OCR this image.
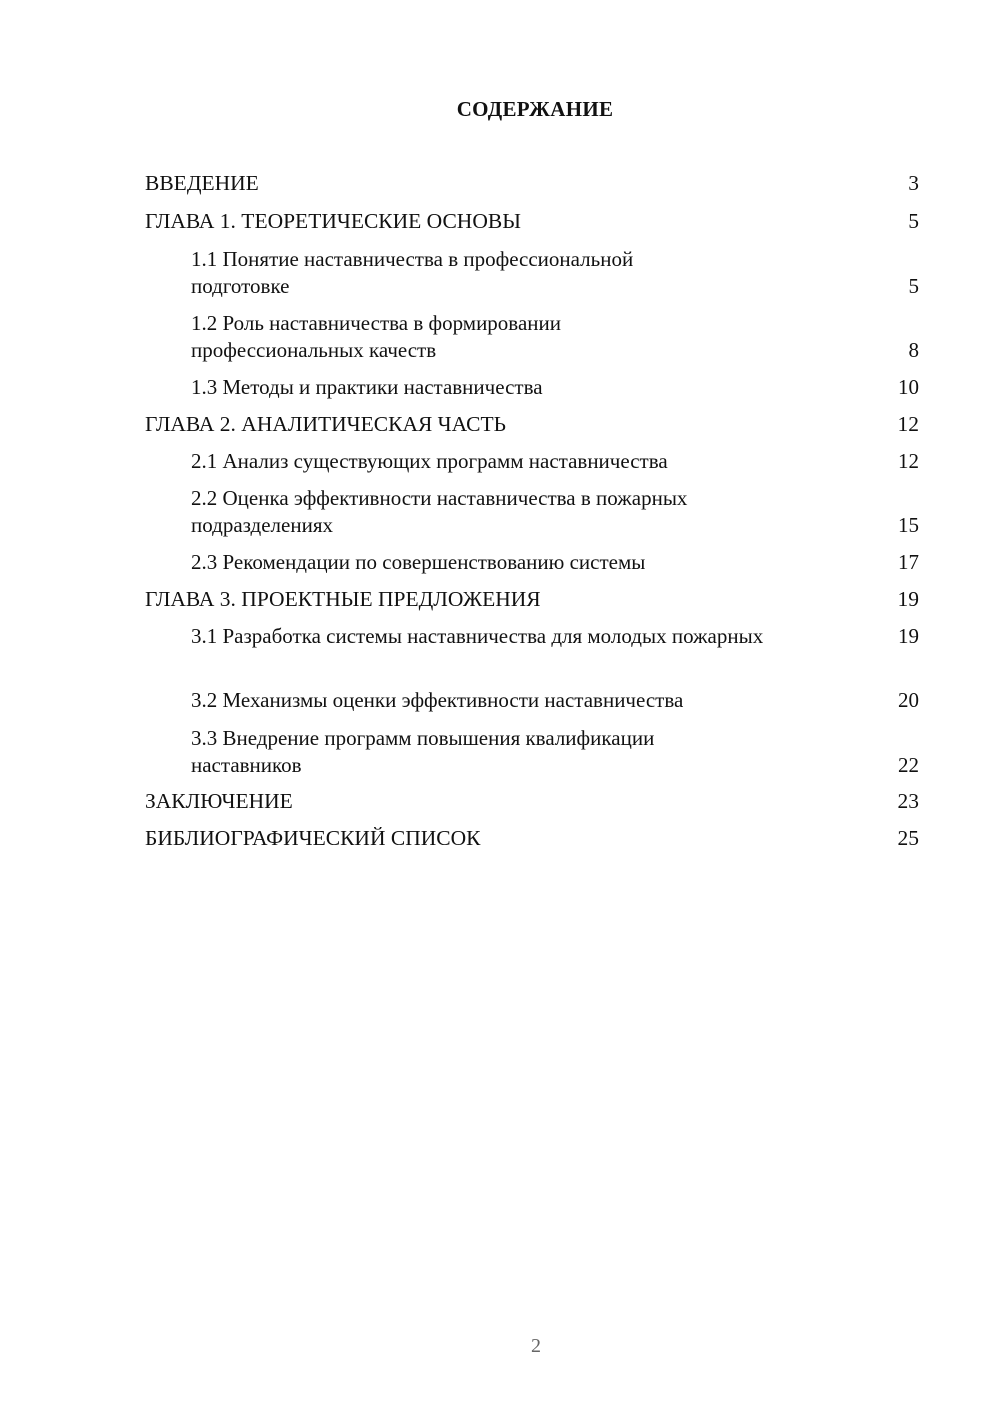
СОДЕРЖАНИЕ
ВВЕДЕНИЕ	3
ГЛАВА 1. ТЕОРЕТИЧЕСКИЕ ОСНОВЫ	5
1.1 Понятие наставничества в профессиональной подготовке	5
1.2 Роль наставничества в формировании профессиональных качеств	8
1.3 Методы и практики наставничества	10
ГЛАВА 2. АНАЛИТИЧЕСКАЯ ЧАСТЬ	12
2.1 Анализ существующих программ наставничества	12
2.2 Оценка эффективности наставничества в пожарных подразделениях	15
2.3 Рекомендации по совершенствованию системы	17
ГЛАВА 3. ПРОЕКТНЫЕ ПРЕДЛОЖЕНИЯ	19
3.1 Разработка системы наставничества для молодых пожарных	19
3.2 Механизмы оценки эффективности наставничества	20
3.3 Внедрение программ повышения квалификации наставников	22
ЗАКЛЮЧЕНИЕ	23
БИБЛИОГРАФИЧЕСКИЙ СПИСОК	25
2
